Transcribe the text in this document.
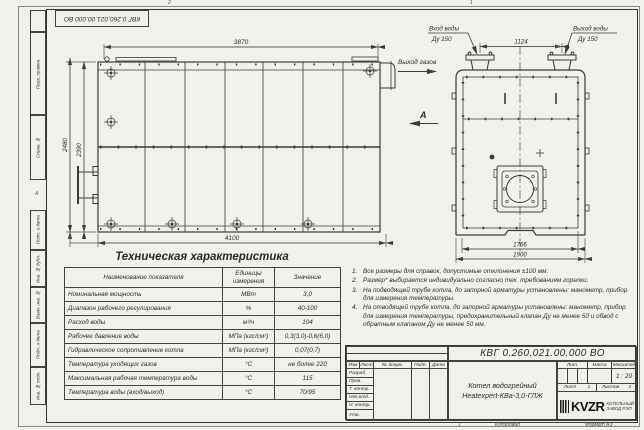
2	1
1
А
КВГ 0.260.021.00.000 ВО
Перв. примен.
Справ. №
Подп. и дата
Инв. № дубл.
Взам. инв. №
Подп. и дата
Инв. № подл.
3870
2480 2390
4100
*
Выход газов
А
1124
Вход воды
Ду 150
Выход воды
Ду 150
1766
1900
Техническая характеристика
Наименование показателя	Единицы измерения	Значение
Номинальная мощность	МВт	3,0
Диапазон рабочего регулирования	%	40-100
Расход воды	м³/ч	104
Рабочее давление воды	МПа (кгс/см²)	0,3(3,0)-0,6(6,0)
Гидравлическое сопротивление котла	МПа (кгс/см²)	0,07(0,7)
Температура уходящих газов	°С	не более 220
Максимальная рабочая температура воды	°С	115
Температура воды (вход/выход)	°С	70/95
1. Все размеры для справок, допустимые отклонения ±100 мм.
2. Размер* выбирается индивидуально согласно тех. требованиям горелки.
3. На подводящей трубе котла, до запорной арматуры установлены: манометр, прибор для измерения температуры.
4. На отводящей трубе котла, до запорной арматуры установлены: манометр, прибор для измерения температуры, предохранительный клапан Ду не менее 50 и обвод с обратным клапаном Ду не менее 50 мм.
КВГ 0.260.021.00.000 ВО
Изм Лист	№ докум.	Подп.	Дата
Разраб.
Пров.
Т. контр.
Нач.отд.
Н. контр.
Утв.
Котел водогрейный
Heatexpert-КВа-3,0-ГЛЖ
Лит.	Масса	Масштаб
1 : 20
Лист 1 Листов 2
KVZR КОТЕЛЬНЫЙ
ЗАВОД РЭП
Копировал	Формат А3
